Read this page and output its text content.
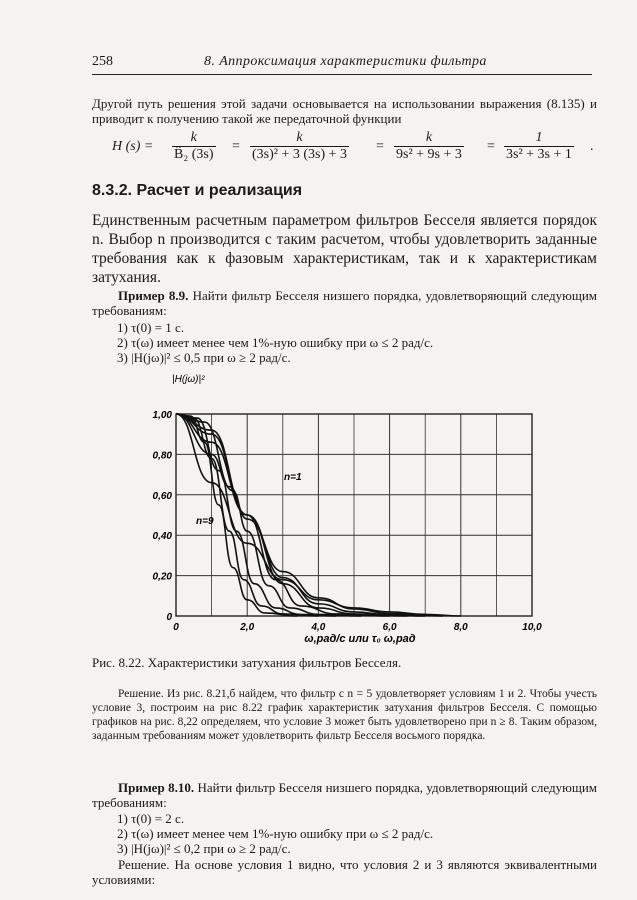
258	8. Аппроксимация характеристики фильтра
Другой путь решения этой задачи основывается на использовании выражения (8.135) и приводит к получению такой же передаточной функции
H $(s) = \frac{k}{\text{B̂₂ (3s)}} = \frac{k}{\text{(3s)² + 3 (3s) + 3}} = \frac{k}{\text{9s² + 9s + 3}} = \frac{1}{\text{3s² + 3s + 1}}$ .
8.3.2. Расчет и реализация
Единственным расчетным параметром фильтров Бесселя является порядок n. Выбор n производится с таким расчетом, чтобы удовлетворить заданные требования как к фазовым характеристикам, так и к характеристикам затухания.
Пример 8.9. Найти фильтр Бесселя низшего порядка, удовлетворяющий следующим требованиям:
1) τ(0) = 1 с.
2) τ(ω) имеет менее чем 1%-ную ошибку при ω ≤ 2 рад/с.
3) |H(jω)|² ≤ 0,5 при ω ≥ 2 рад/с.
0	2,0	4,0	6,0	8,0	10,0
0
0,20
0,40
0,60
0,80
1,00
|H(jω)|²
ω,рад/с или τ₀ ω,рад
n=1
n=9
Рис. 8.22. Характеристики затухания фильтров Бесселя.
Решение. Из рис. 8.21,б найдем, что фильтр с n = 5 удовлетворяет условиям 1 и 2. Чтобы учесть условие 3, построим на рис 8.22 график характеристик затухания фильтров Бесселя. С помощью графиков на рис. 8,22 определяем, что условие 3 может быть удовлетворено при n ≥ 8. Таким образом, заданным требованиям может удовлетворить фильтр Бесселя восьмого порядка.
Пример 8.10. Найти фильтр Бесселя низшего порядка, удовлетворяющий следующим требованиям:
1) τ(0) = 2 с.
2) τ(ω) имеет менее чем 1%-ную ошибку при ω ≤ 2 рад/с.
3) |H(jω)|² ≤ 0,2 при ω ≥ 2 рад/с.
Решение. На основе условия 1 видно, что условия 2 и 3 являются эквивалентными условиями:
